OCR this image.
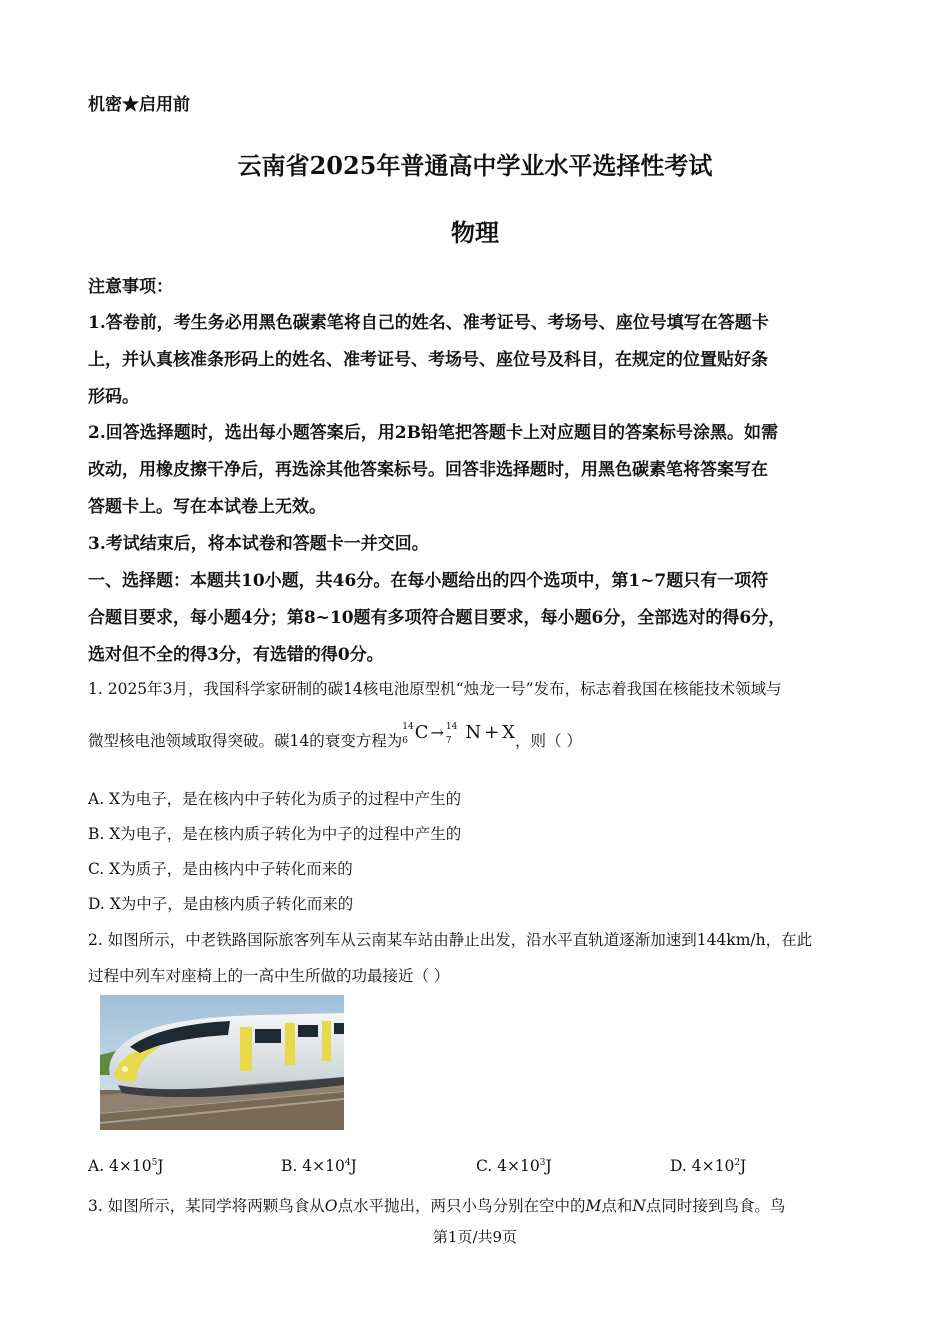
机密★启用前
云南省2025年普通高中学业水平选择性考试
物理
注意事项：
1.答卷前，考生务必用黑色碳素笔将自己的姓名、准考证号、考场号、座位号填写在答题卡
上，并认真核准条形码上的姓名、准考证号、考场号、座位号及科目，在规定的位置贴好条
形码。
2.回答选择题时，选出每小题答案后，用2B铅笔把答题卡上对应题目的答案标号涂黑。如需
改动，用橡皮擦干净后，再选涂其他答案标号。回答非选择题时，用黑色碳素笔将答案写在
答题卡上。写在本试卷上无效。
3.考试结束后，将本试卷和答题卡一并交回。
一、选择题：本题共10小题，共46分。在每小题给出的四个选项中，第1~7题只有一项符
合题目要求，每小题4分；第8~10题有多项符合题目要求，每小题6分，全部选对的得6分，
选对但不全的得3分，有选错的得0分。
1. 2025年3月，我国科学家研制的碳14核电池原型机“烛龙一号”发布，标志着我国在核能技术领域与
微型核电池领域取得突破。碳14的衰变方程为
14
6 C → 14
7 N + X，则（ ）
A. X为电子，是在核内中子转化为质子的过程中产生的
B. X为电子，是在核内质子转化为中子的过程中产生的
C. X为质子，是由核内中子转化而来的
D. X为中子，是由核内质子转化而来的
2. 如图所示，中老铁路国际旅客列车从云南某车站由静止出发，沿水平直轨道逐渐加速到144km/h，在此
过程中列车对座椅上的一高中生所做的功最接近（ ）
A. $4\times 10^5J$	B. $4\times 10^4J$	C. $4\times 10^3J$	D. $4\times 10^2J$
3. 如图所示，某同学将两颗鸟食从O点水平抛出，两只小鸟分别在空中的M点和N点同时接到鸟食。鸟
第1页/共9页
